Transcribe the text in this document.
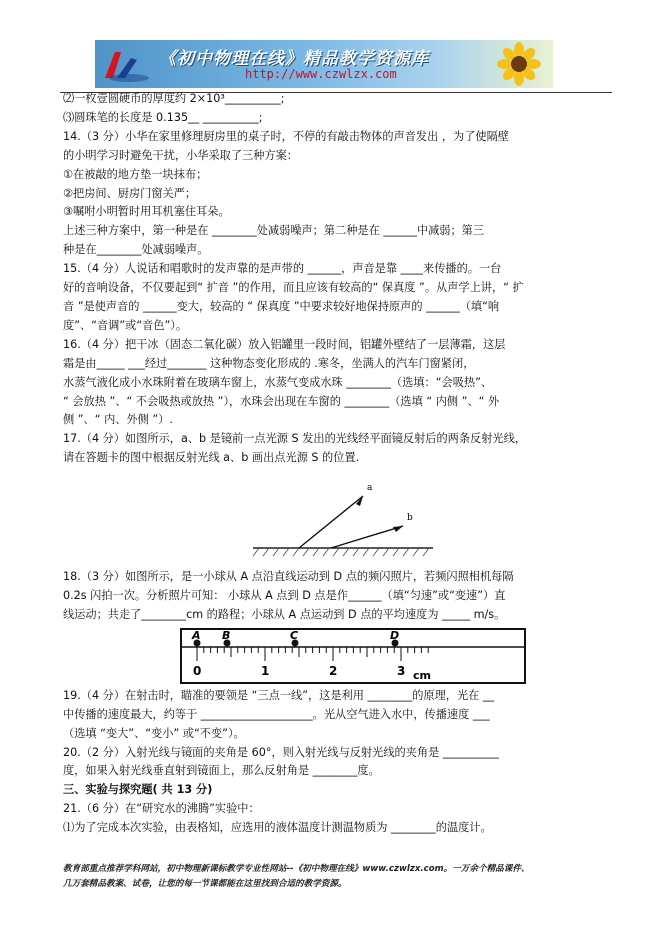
《初中物理在线》精品教学资源库
http://www.czwlzx.com

⑵一枚壹圆硬币的厚度约 2×10³__________;

⑶圆珠笔的长度是 0.135__ __________;

14.（3 分）小华在家里修理厨房里的桌子时，不停的有敲击物体的声音发出 ，为了使隔壁

的小明学习时避免干扰，小华采取了三种方案：

①在被敲的地方垫一块抹布；

②把房间、厨房门窗关严；

③嘱咐小明暂时用耳机塞住耳朵。

上述三种方案中，第一种是在 ________处减弱噪声；第二种是在 ______中减弱；第三

种是在________处减弱噪声。

15.（4 分）人说话和唱歌时的发声靠的是声带的 ______，声音是靠 ____来传播的。一台

好的音响设备，不仅要起到“ 扩音 ”的作用，而且应该有较高的“ 保真度 ”。从声学上讲，“ 扩

音 ”是使声音的 ______变大，较高的 “ 保真度 ”中要求较好地保持原声的 ______（填“响

度”、“音调”或“音色”）。

16.（4 分）把干冰（固态二氧化碳）放入铝罐里一段时间，铝罐外壁结了一层薄霜，这层

霜是由_____ ___经过_______ 这种物态变化形成的 .寒冬，坐满人的汽车门窗紧闭，

水蒸气液化成小水珠附着在玻璃车窗上，水蒸气变成水珠 ________（选填：“会吸热”、

“ 会放热 ”、“ 不会吸热或放热 ”），水珠会出现在车窗的 ________（选填 “ 内侧 ”、“ 外

侧 ”、“ 内、外侧 ”）.

17.（4 分）如图所示，a、b 是镜前一点光源 S 发出的光线经平面镜反射后的两条反射光线，

请在答题卡的图中根据反射光线 a、b 画出点光源 S 的位置.

a
b

18.（3 分）如图所示，是一小球从 A 点沿直线运动到 D 点的频闪照片，若频闪照相机每隔

0.2s 闪拍一次。分析照片可知： 小球从 A 点到 D 点是作______（填“匀速”或“变速”）直

线运动；共走了________cm 的路程；小球从 A 点运动到 D 点的平均速度为 _____ m/s。

A B	C	D
0	1	2	3 cm

19.（4 分）在射击时，瞄准的要领是 “三点一线”，这是利用 ________的原理，光在 __

中传播的速度最大，约等于 ____________________。光从空气进入水中，传播速度 ___

（选填 “变大”、“变小” 或“不变”）。

20.（2 分）入射光线与镜面的夹角是 60°，则入射光线与反射光线的夹角是 __________

度，如果入射光线垂直射到镜面上，那么反射角是 ________度。

三、实验与探究题( 共 13 分)

21.（6 分）在“研究水的沸腾”实验中：

⑴为了完成本次实验，由表格知，应选用的液体温度计测温物质为 ________的温度计。

教育部重点推荐学科网站，初中物理新课标教学专业性网站--《初中物理在线》www.czwlzx.com。一万余个精品课件、

几万套精品教案、试卷，让您的每一节课都能在这里找到合适的教学资源。
